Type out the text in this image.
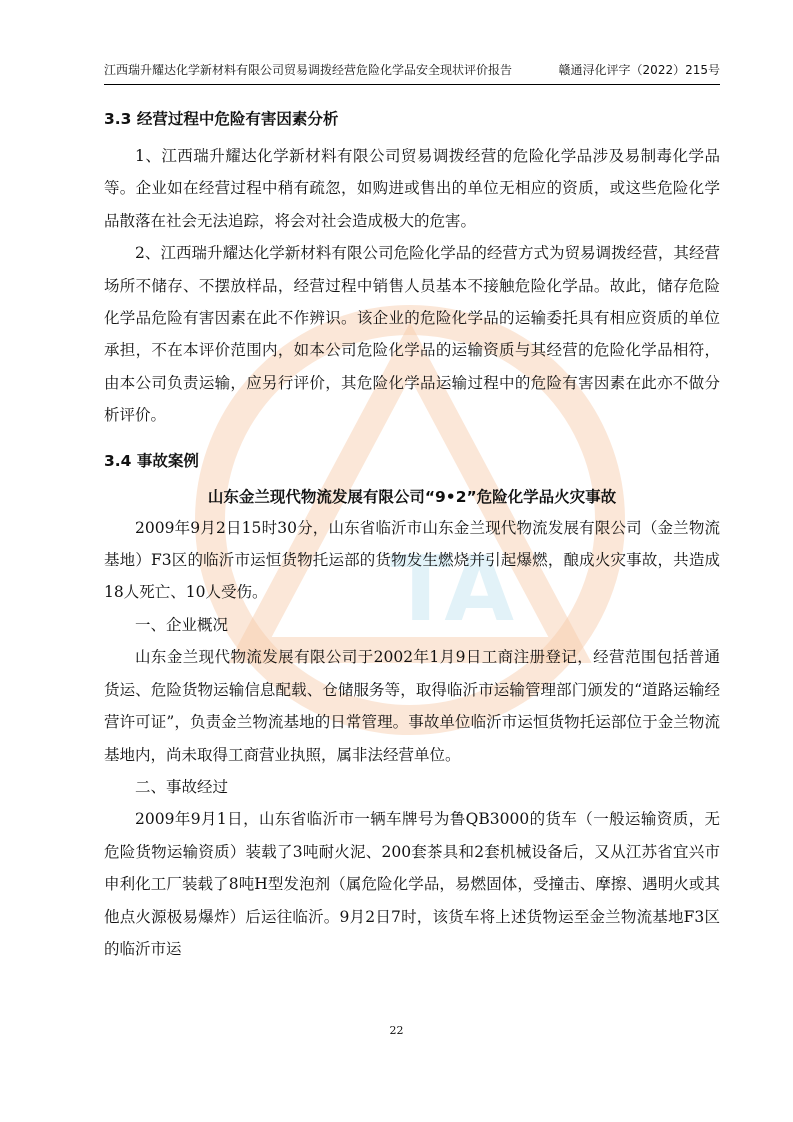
TA
江西瑞升耀达化学新材料有限公司贸易调拨经营危险化学品安全现状评价报告	赣通浔化评字（2022）215号
3.3 经营过程中危险有害因素分析

1、江西瑞升耀达化学新材料有限公司贸易调拨经营的危险化学品涉及易制毒化学品等。企业如在经营过程中稍有疏忽，如购进或售出的单位无相应的资质，或这些危险化学品散落在社会无法追踪，将会对社会造成极大的危害。

2、江西瑞升耀达化学新材料有限公司危险化学品的经营方式为贸易调拨经营，其经营场所不储存、不摆放样品，经营过程中销售人员基本不接触危险化学品。故此，储存危险化学品危险有害因素在此不作辨识。该企业的危险化学品的运输委托具有相应资质的单位承担，不在本评价范围内，如本公司危险化学品的运输资质与其经营的危险化学品相符，由本公司负责运输，应另行评价，其危险化学品运输过程中的危险有害因素在此亦不做分析评价。

3.4 事故案例
山东金兰现代物流发展有限公司“9•2”危险化学品火灾事故

2009年9月2日15时30分，山东省临沂市山东金兰现代物流发展有限公司（金兰物流基地）F3区的临沂市运恒货物托运部的货物发生燃烧并引起爆燃，酿成火灾事故，共造成18人死亡、10人受伤。

一、企业概况

山东金兰现代物流发展有限公司于2002年1月9日工商注册登记，经营范围包括普通货运、危险货物运输信息配载、仓储服务等，取得临沂市运输管理部门颁发的“道路运输经营许可证”，负责金兰物流基地的日常管理。事故单位临沂市运恒货物托运部位于金兰物流基地内，尚未取得工商营业执照，属非法经营单位。

二、事故经过

2009年9月1日，山东省临沂市一辆车牌号为鲁QB3000的货车（一般运输资质，无危险货物运输资质）装载了3吨耐火泥、200套茶具和2套机械设备后，又从江苏省宜兴市申利化工厂装载了8吨H型发泡剂（属危险化学品，易燃固体，受撞击、摩擦、遇明火或其他点火源极易爆炸）后运往临沂。9月2日7时，该货车将上述货物运至金兰物流基地F3区的临沂市运

22
